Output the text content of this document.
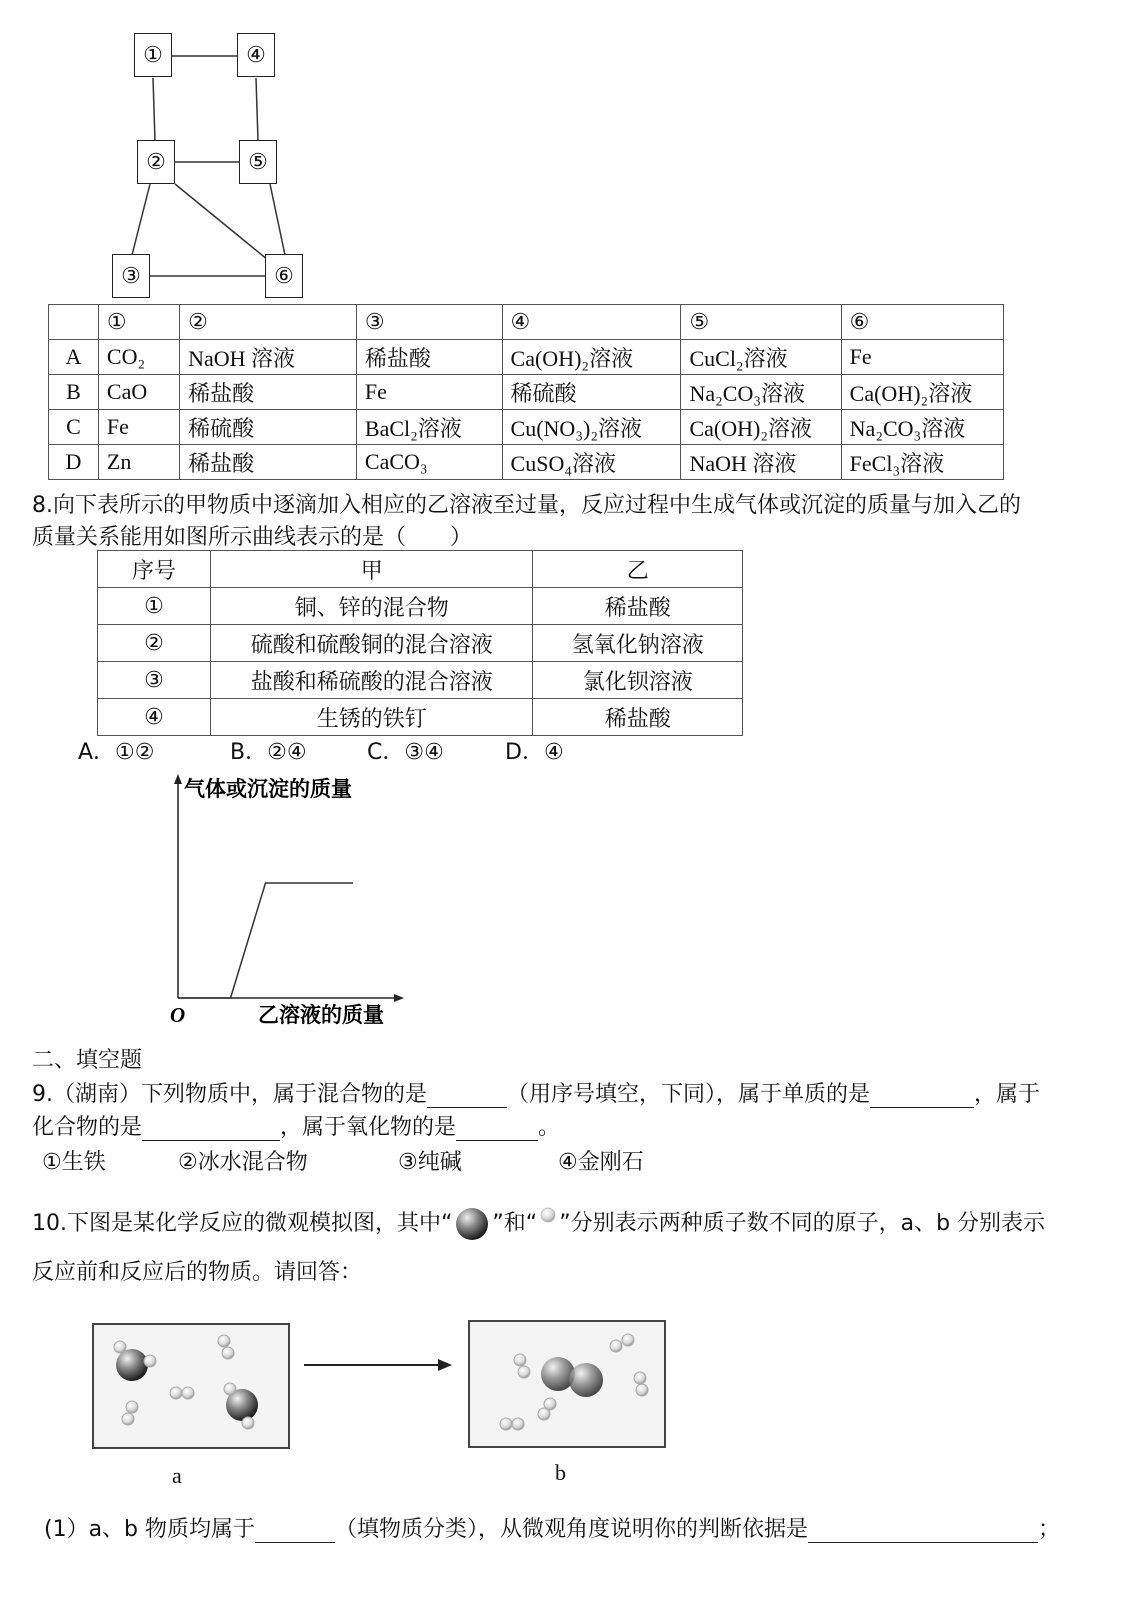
①	④
②	⑤
③	⑥
	①	②	③	④	⑤	⑥
A	CO₂	NaOH 溶液	稀盐酸	Ca(OH)₂溶液	CuCl₂溶液	Fe
B	CaO	稀盐酸	Fe	稀硫酸	Na₂CO₃溶液	Ca(OH)₂溶液
C	Fe	稀硫酸	BaCl₂溶液	Cu(NO₃)₂溶液	Ca(OH)₂溶液	Na₂CO₃溶液
D	Zn	稀盐酸	CaCO₃	CuSO₄溶液	NaOH 溶液	FeCl₃溶液
8.向下表所示的甲物质中逐滴加入相应的乙溶液至过量，反应过程中生成气体或沉淀的质量与加入乙的
质量关系能用如图所示曲线表示的是（　　）
序号	甲	乙
①	铜、锌的混合物	稀盐酸
②	硫酸和硫酸铜的混合溶液	氢氧化钠溶液
③	盐酸和稀硫酸的混合溶液	氯化钡溶液
④	生锈的铁钉	稀盐酸
A．①②	B．②④	C．③④	D．④
气体或沉淀的质量
O	乙溶液的质量
二、填空题
9.（湖南）下列物质中，属于混合物的是	（用序号填空，下同），属于单质的是	，属于
化合物的是	，属于氧化物的是	。
①生铁	②冰水混合物	③纯碱	④金刚石
10.下图是某化学反应的微观模拟图，其中“ ”和“ ”分别表示两种质子数不同的原子，a、b 分别表示
反应前和反应后的物质。请回答：
a	b
(1）a、b 物质均属于	（填物质分类），从微观角度说明你的判断依据是	；
